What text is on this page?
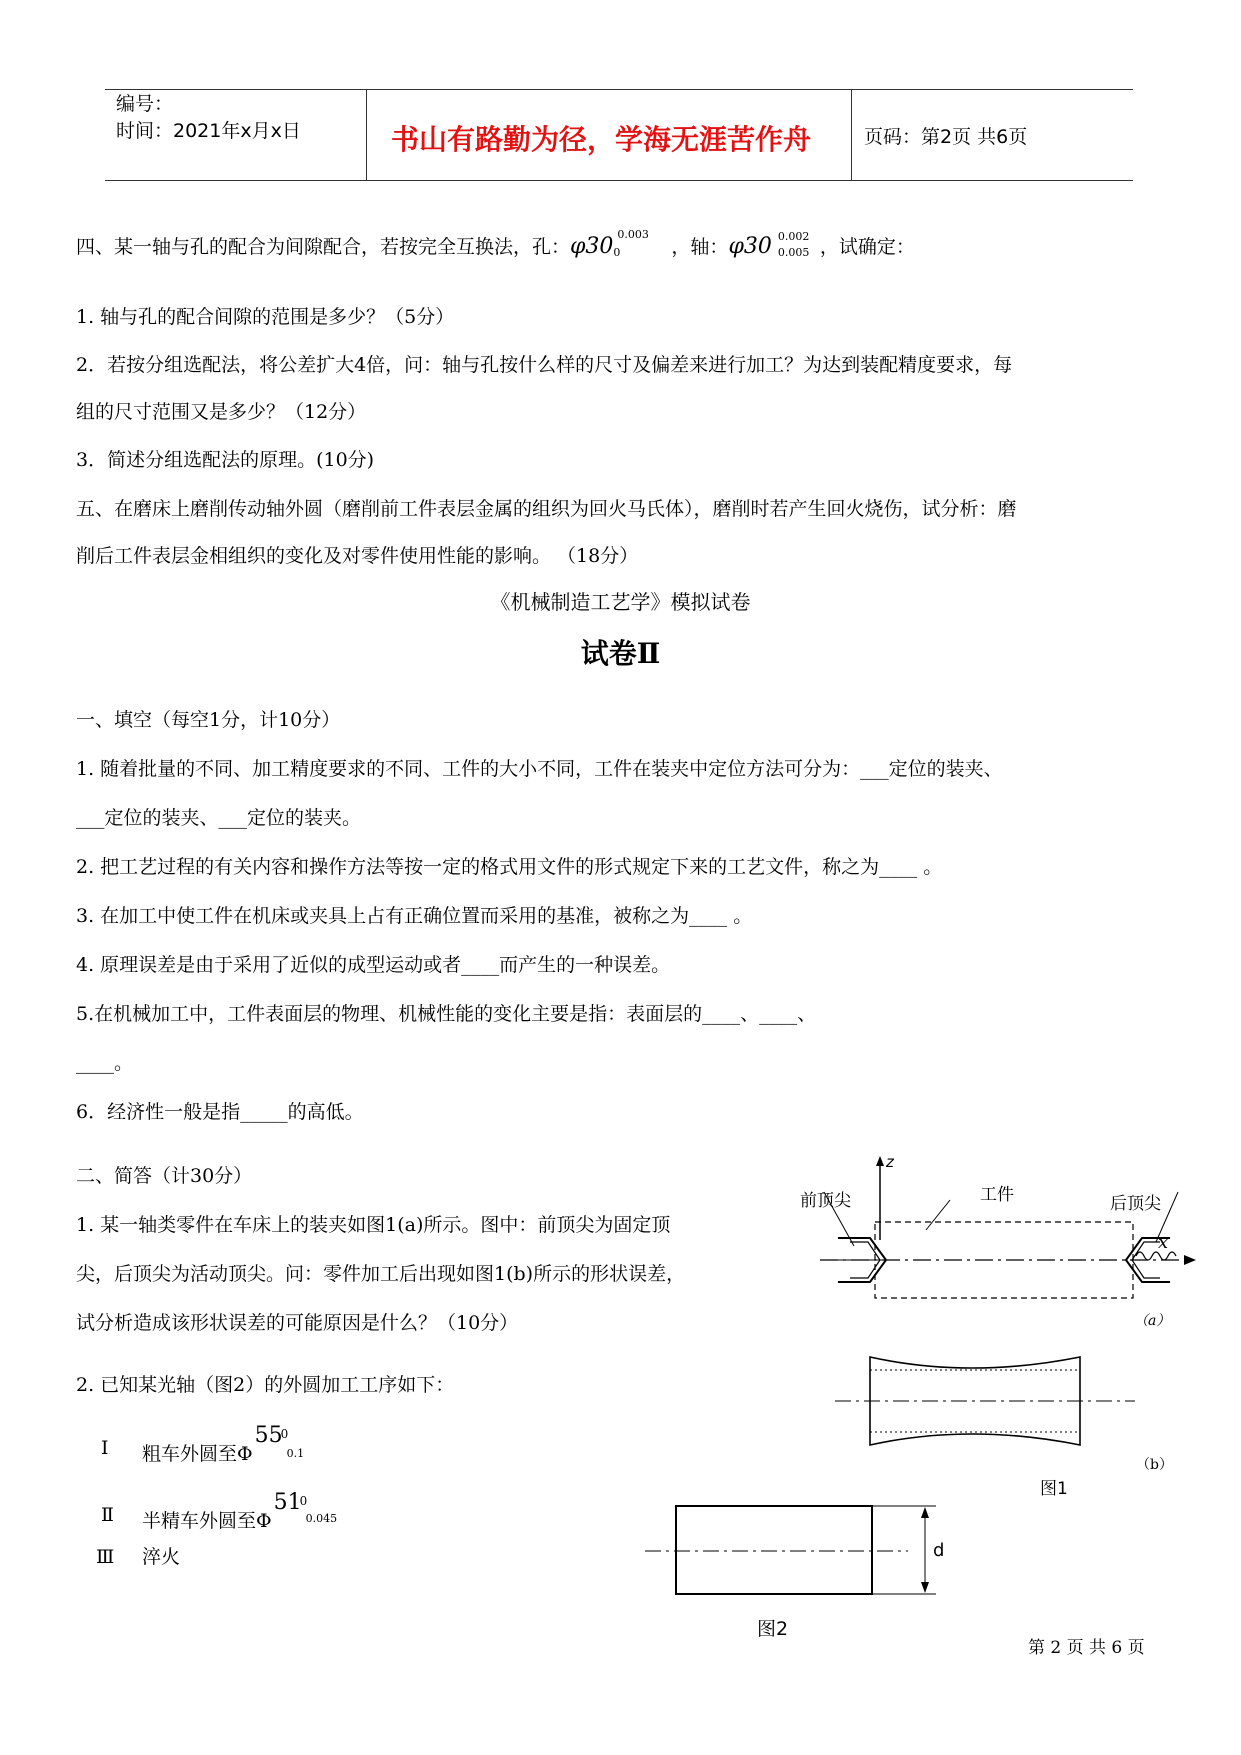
编号：
时间：2021年x月x日	书山有路勤为径，学海无涯苦作舟	页码：第2页 共6页
四、某一轴与孔的配合为间隙配合，若按完全互换法，孔：φ30 0.003
0	，轴：φ30 0.002
0.005 ，试确定：
1. 轴与孔的配合间隙的范围是多少？（5分）
2．若按分组选配法，将公差扩大4倍，问：轴与孔按什么样的尺寸及偏差来进行加工？为达到装配精度要求，每
组的尺寸范围又是多少？（12分）
3．简述分组选配法的原理。(10分)
五、在磨床上磨削传动轴外圆（磨削前工件表层金属的组织为回火马氏体），磨削时若产生回火烧伤，试分析：磨
削后工件表层金相组织的变化及对零件使用性能的影响。 （18分）
《机械制造工艺学》模拟试卷
试卷Ⅱ
一、填空（每空1分，计10分）
1. 随着批量的不同、加工精度要求的不同、工件的大小不同，工件在装夹中定位方法可分为：___定位的装夹、
___定位的装夹、___定位的装夹。
2. 把工艺过程的有关内容和操作方法等按一定的格式用文件的形式规定下来的工艺文件，称之为____ 。
3. 在加工中使工件在机床或夹具上占有正确位置而采用的基准，被称之为____ 。
4. 原理误差是由于采用了近似的成型运动或者____而产生的一种误差。
5.在机械加工中，工件表面层的物理、机械性能的变化主要是指：表面层的____、____、
____。
6．经济性一般是指_____的高低。
二、简答（计30分）
1. 某一轴类零件在车床上的装夹如图1(a)所示。图中：前顶尖为固定顶
尖，后顶尖为活动顶尖。问：零件加工后出现如图1(b)所示的形状误差，
试分析造成该形状误差的可能原因是什么？（10分）
2. 已知某光轴（图2）的外圆加工工序如下：
Ⅰ 粗车外圆至Φ
55
0
0.1
Ⅱ 半精车外圆至Φ
51
0
0.045
Ⅲ 淬火
z
前顶尖	工件	后顶尖
x
（a）
（b）
图1
d
图2
第 2 页 共 6 页
